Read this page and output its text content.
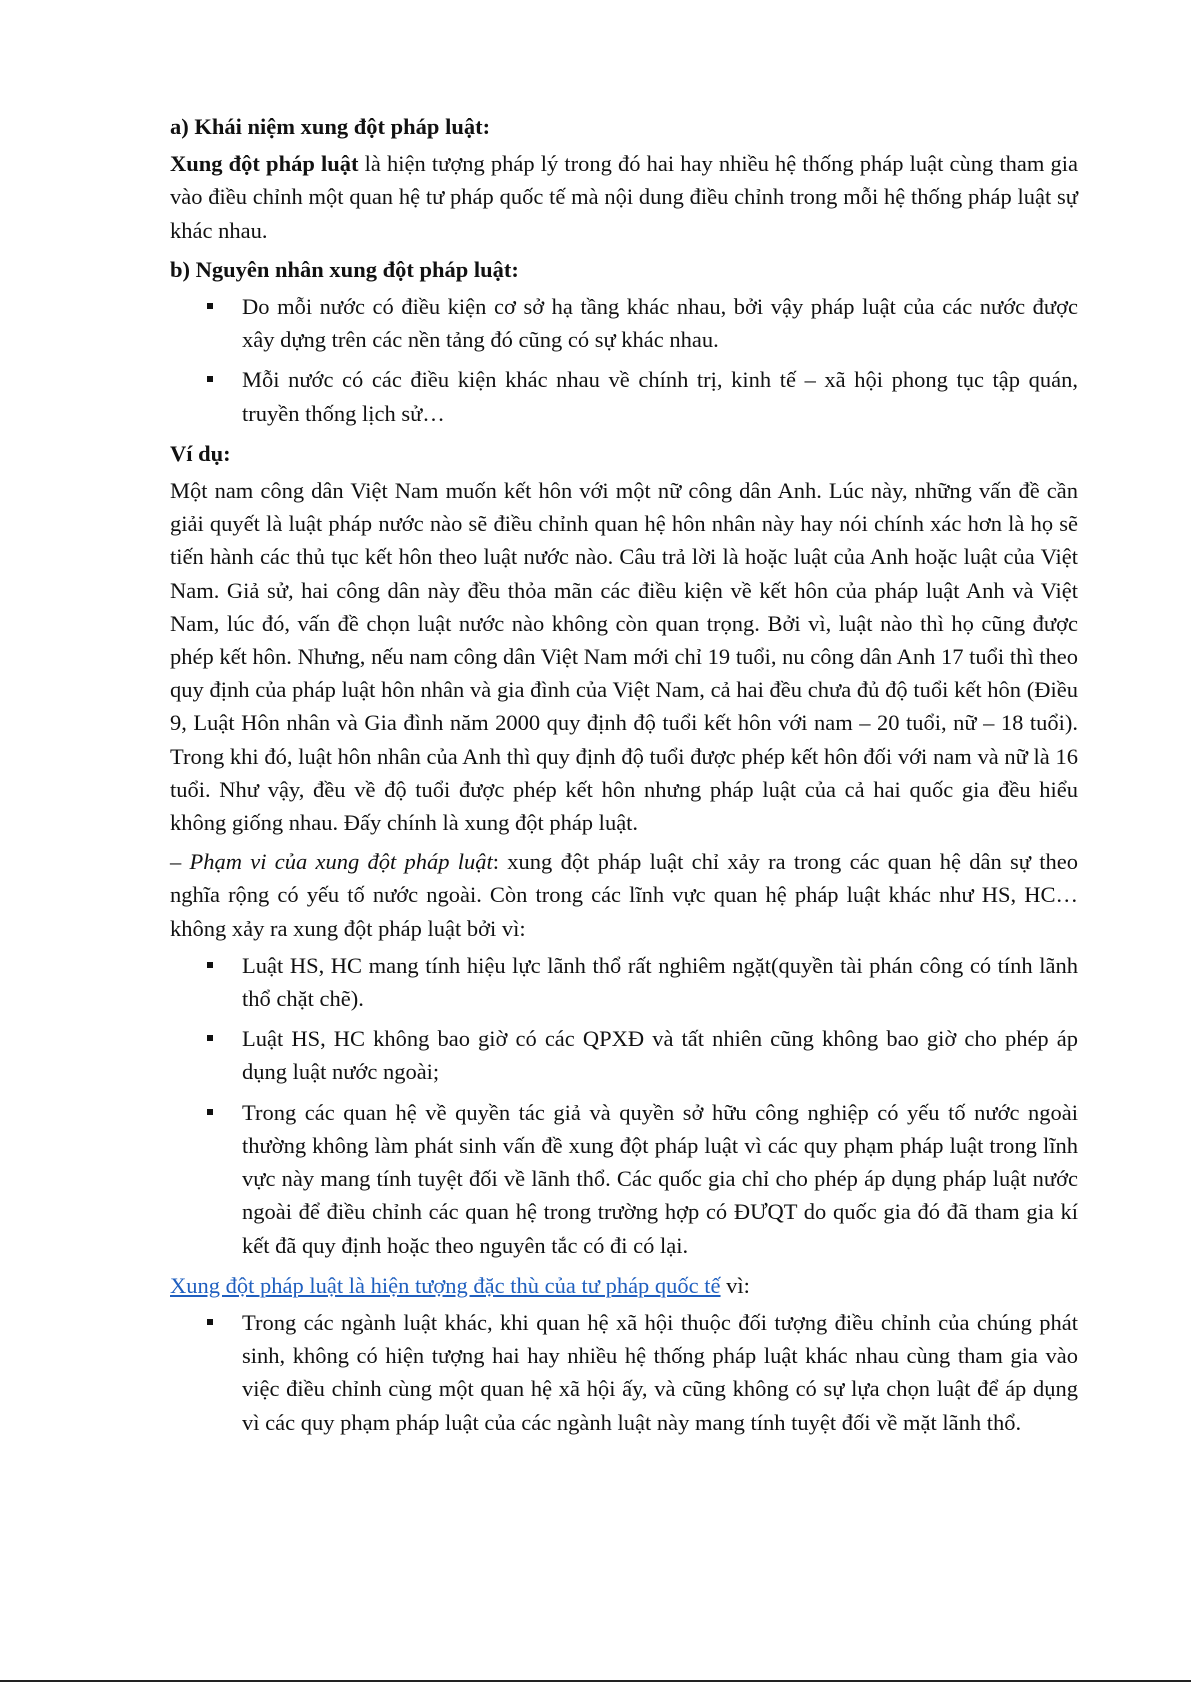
a) Khái niệm xung đột pháp luật:

Xung đột pháp luật là hiện tượng pháp lý trong đó hai hay nhiều hệ thống pháp luật cùng tham gia vào điều chỉnh một quan hệ tư pháp quốc tế mà nội dung điều chỉnh trong mỗi hệ thống pháp luật sự khác nhau.

b) Nguyên nhân xung đột pháp luật:

Do mỗi nước có điều kiện cơ sở hạ tầng khác nhau, bởi vậy pháp luật của các nước được xây dựng trên các nền tảng đó cũng có sự khác nhau.
Mỗi nước có các điều kiện khác nhau về chính trị, kinh tế – xã hội phong tục tập quán, truyền thống lịch sử…

Ví dụ:

Một nam công dân Việt Nam muốn kết hôn với một nữ công dân Anh. Lúc này, những vấn đề cần giải quyết là luật pháp nước nào sẽ điều chỉnh quan hệ hôn nhân này hay nói chính xác hơn là họ sẽ tiến hành các thủ tục kết hôn theo luật nước nào. Câu trả lời là hoặc luật của Anh hoặc luật của Việt Nam. Giả sử, hai công dân này đều thỏa mãn các điều kiện về kết hôn của pháp luật Anh và Việt Nam, lúc đó, vấn đề chọn luật nước nào không còn quan trọng. Bởi vì, luật nào thì họ cũng được phép kết hôn. Nhưng, nếu nam công dân Việt Nam mới chỉ 19 tuổi, nu công dân Anh 17 tuổi thì theo quy định của pháp luật hôn nhân và gia đình của Việt Nam, cả hai đều chưa đủ độ tuổi kết hôn (Điều 9, Luật Hôn nhân và Gia đình năm 2000 quy định độ tuổi kết hôn với nam – 20 tuổi, nữ – 18 tuổi). Trong khi đó, luật hôn nhân của Anh thì quy định độ tuổi được phép kết hôn đối với nam và nữ là 16 tuổi. Như vậy, đều về độ tuổi được phép kết hôn nhưng pháp luật của cả hai quốc gia đều hiểu không giống nhau. Đấy chính là xung đột pháp luật.

– Phạm vi của xung đột pháp luật: xung đột pháp luật chỉ xảy ra trong các quan hệ dân sự theo nghĩa rộng có yếu tố nước ngoài. Còn trong các lĩnh vực quan hệ pháp luật khác như HS, HC… không xảy ra xung đột pháp luật bởi vì:

Luật HS, HC mang tính hiệu lực lãnh thổ rất nghiêm ngặt(quyền tài phán công có tính lãnh thổ chặt chẽ).
Luật HS, HC không bao giờ có các QPXĐ và tất nhiên cũng không bao giờ cho phép áp dụng luật nước ngoài;
Trong các quan hệ về quyền tác giả và quyền sở hữu công nghiệp có yếu tố nước ngoài thường không làm phát sinh vấn đề xung đột pháp luật vì các quy phạm pháp luật trong lĩnh vực này mang tính tuyệt đối về lãnh thổ. Các quốc gia chỉ cho phép áp dụng pháp luật nước ngoài để điều chỉnh các quan hệ trong trường hợp có ĐƯQT do quốc gia đó đã tham gia kí kết đã quy định hoặc theo nguyên tắc có đi có lại.

Xung đột pháp luật là hiện tượng đặc thù của tư pháp quốc tế vì:

Trong các ngành luật khác, khi quan hệ xã hội thuộc đối tượng điều chỉnh của chúng phát sinh, không có hiện tượng hai hay nhiều hệ thống pháp luật khác nhau cùng tham gia vào việc điều chỉnh cùng một quan hệ xã hội ấy, và cũng không có sự lựa chọn luật để áp dụng vì các quy phạm pháp luật của các ngành luật này mang tính tuyệt đối về mặt lãnh thổ.
